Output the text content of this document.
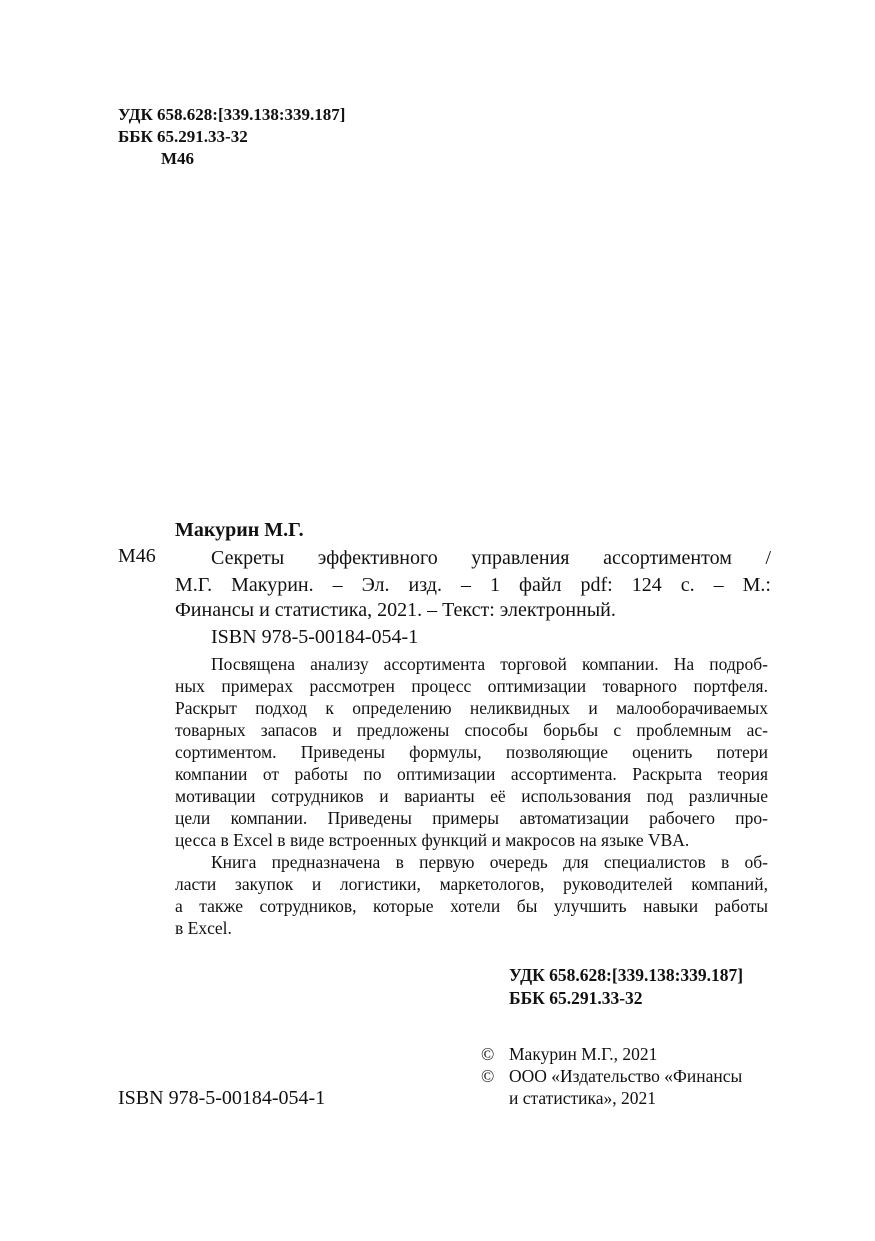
УДК 658.628:[339.138:339.187]
ББК 65.291.33-32
М46
Макурин М.Г.
М46	Секреты эффективного управления ассортиментом /
М.Г. Макурин. – Эл. изд. – 1 файл pdf: 124 с. – М.:
Финансы и статистика, 2021. – Текст: электронный.
ISBN 978-5-00184-054-1
Посвящена анализу ассортимента торговой компании. На подроб-
ных примерах рассмотрен процесс оптимизации товарного портфеля.
Раскрыт подход к определению неликвидных и малооборачиваемых
товарных запасов и предложены способы борьбы с проблемным ас-
сортиментом. Приведены формулы, позволяющие оценить потери
компании от работы по оптимизации ассортимента. Раскрыта теория
мотивации сотрудников и варианты её использования под различные
цели компании. Приведены примеры автоматизации рабочего про-
цесса в Excel в виде встроенных функций и макросов на языке VBA.
Книга предназначена в первую очередь для специалистов в об-
ласти закупок и логистики, маркетологов, руководителей компаний,
а также сотрудников, которые хотели бы улучшить навыки работы
в Excel.
УДК 658.628:[339.138:339.187]
ББК 65.291.33-32
© Макурин М.Г., 2021
© ООО «Издательство «Финансы
и статистика», 2021
ISBN 978-5-00184-054-1
